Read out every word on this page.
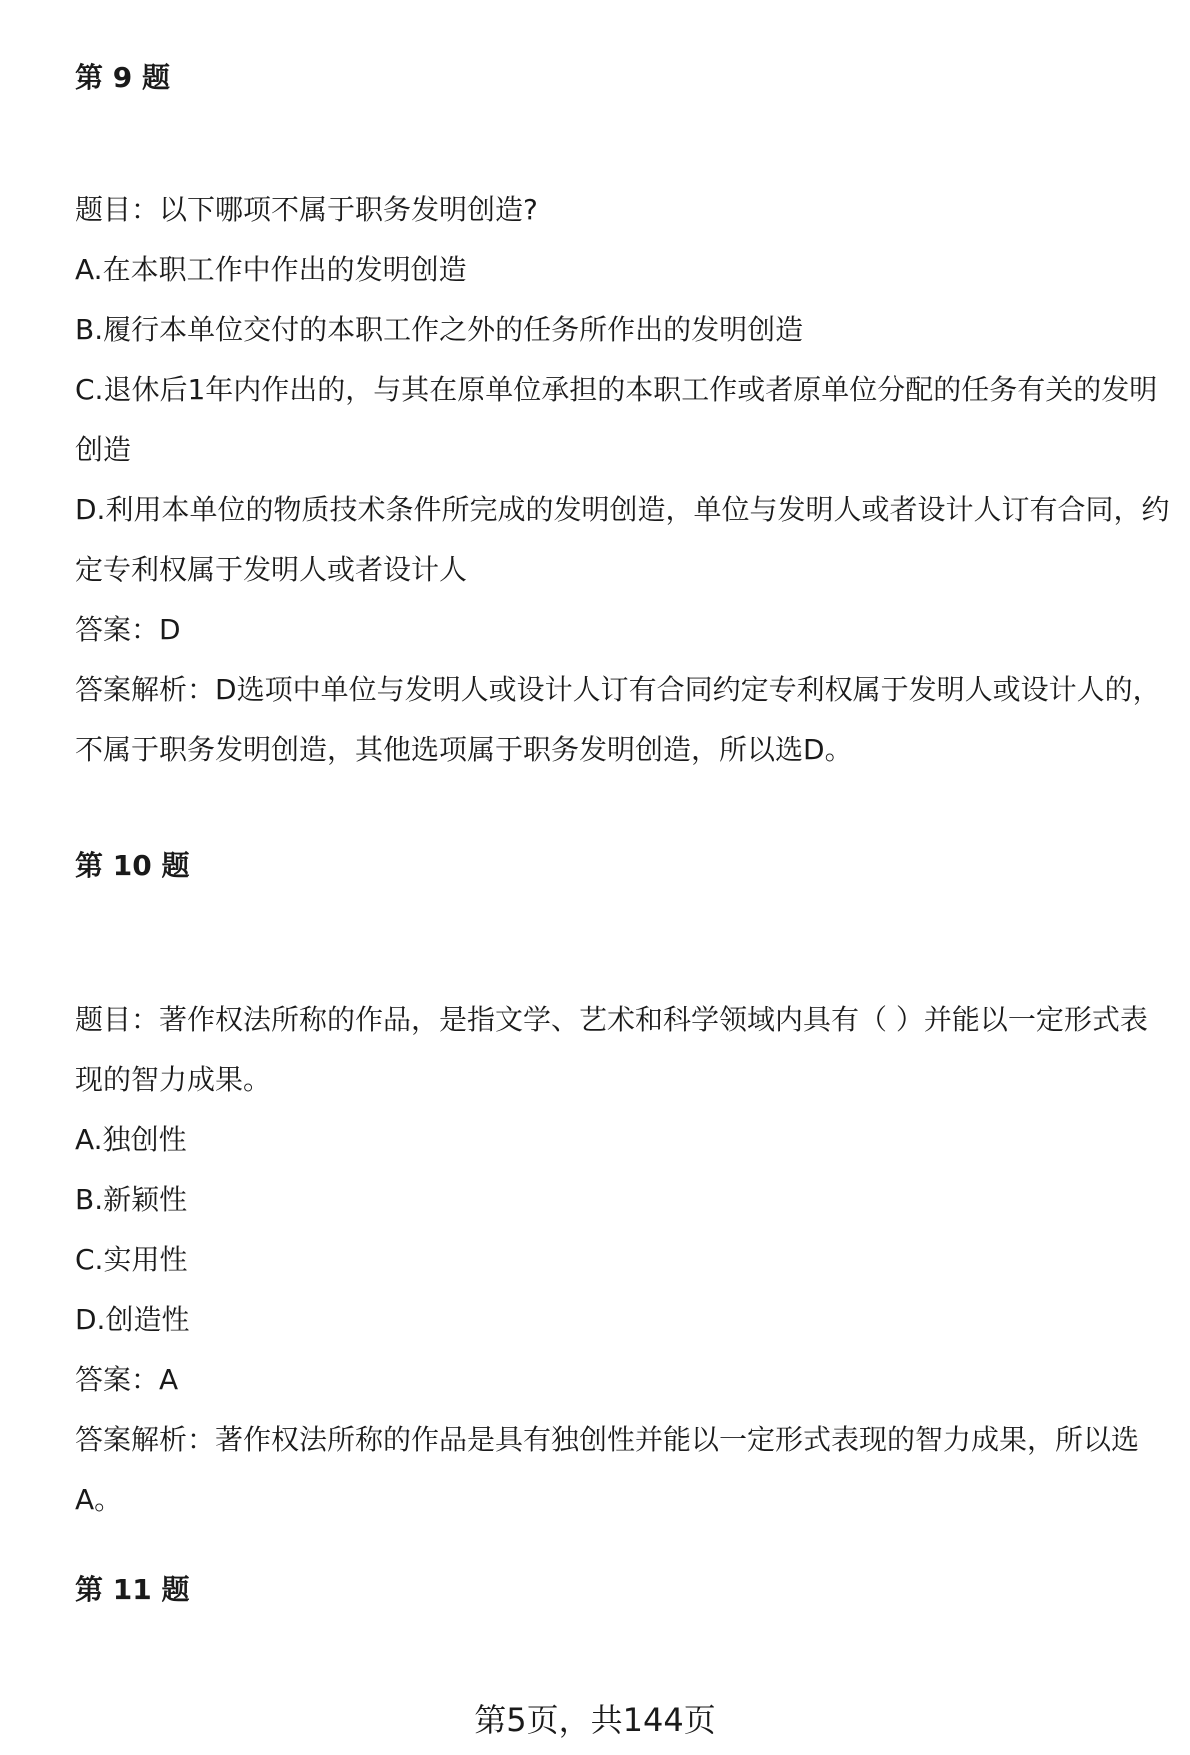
第 9 题

题目：以下哪项不属于职务发明创造?

A.在本职工作中作出的发明创造

B.履行本单位交付的本职工作之外的任务所作出的发明创造

C.退休后1年内作出的，与其在原单位承担的本职工作或者原单位分配的任务有关的发明创造

D.利用本单位的物质技术条件所完成的发明创造，单位与发明人或者设计人订有合同，约定专利权属于发明人或者设计人

答案：D

答案解析：D选项中单位与发明人或设计人订有合同约定专利权属于发明人或设计人的，不属于职务发明创造，其他选项属于职务发明创造，所以选D。

第 10 题

题目：著作权法所称的作品，是指文学、艺术和科学领域内具有（ ）并能以一定形式表现的智力成果。

A.独创性

B.新颖性

C.实用性

D.创造性

答案：A

答案解析：著作权法所称的作品是具有独创性并能以一定形式表现的智力成果，所以选A。

第 11 题
第5页，共144页
